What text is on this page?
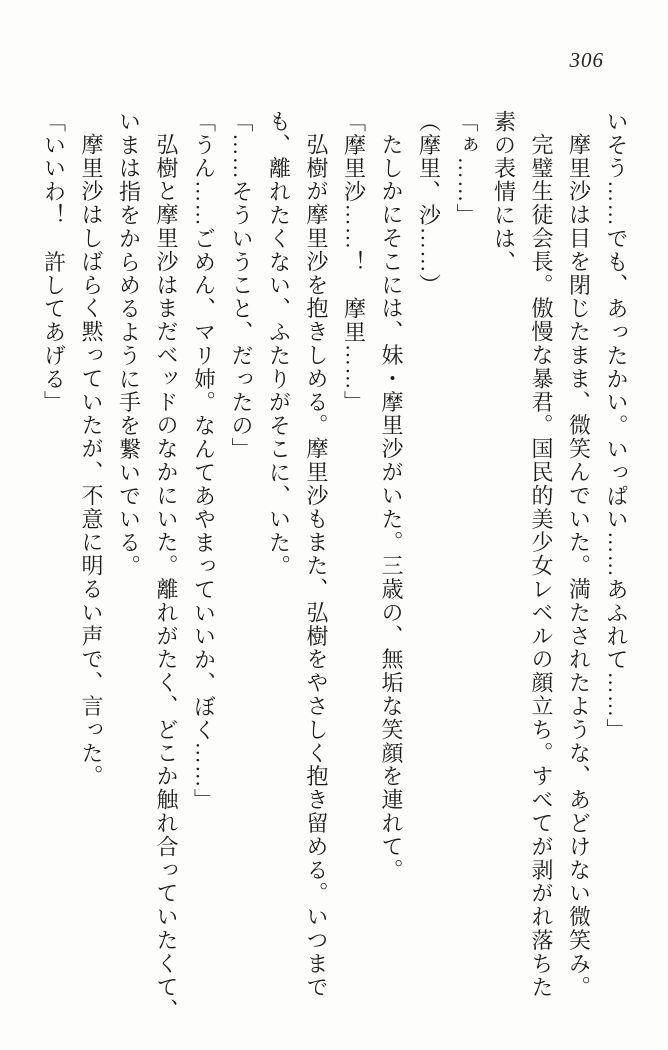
306

いそう……でも、あったかい。いっぱい……あふれて……」

摩里沙は目を閉じたまま、微笑んでいた。満たされたような、あどけない微笑み。

完璧生徒会長。傲慢な暴君。国民的美少女レベルの顔立ち。すべてが剥がれ落ちた

素の表情には、

「ぁ……」

（摩里、沙……）

たしかにそこには、妹・摩里沙がいた。三歳の、無垢な笑顔を連れて。

「摩里沙……！　摩里……」

弘樹が摩里沙を抱きしめる。摩里沙もまた、弘樹をやさしく抱き留める。いつまで

も、離れたくない、ふたりがそこに、いた。

「……そういうこと、だったの」

「うん……ごめん、マリ姉。なんてあやまっていいか、ぼく……」

弘樹と摩里沙はまだベッドのなかにいた。離れがたく、どこか触れ合っていたくて、

いまは指をからめるように手を繋いでいる。

摩里沙はしばらく黙っていたが、不意に明るい声で、言った。

「いいわ！　許してあげる」
